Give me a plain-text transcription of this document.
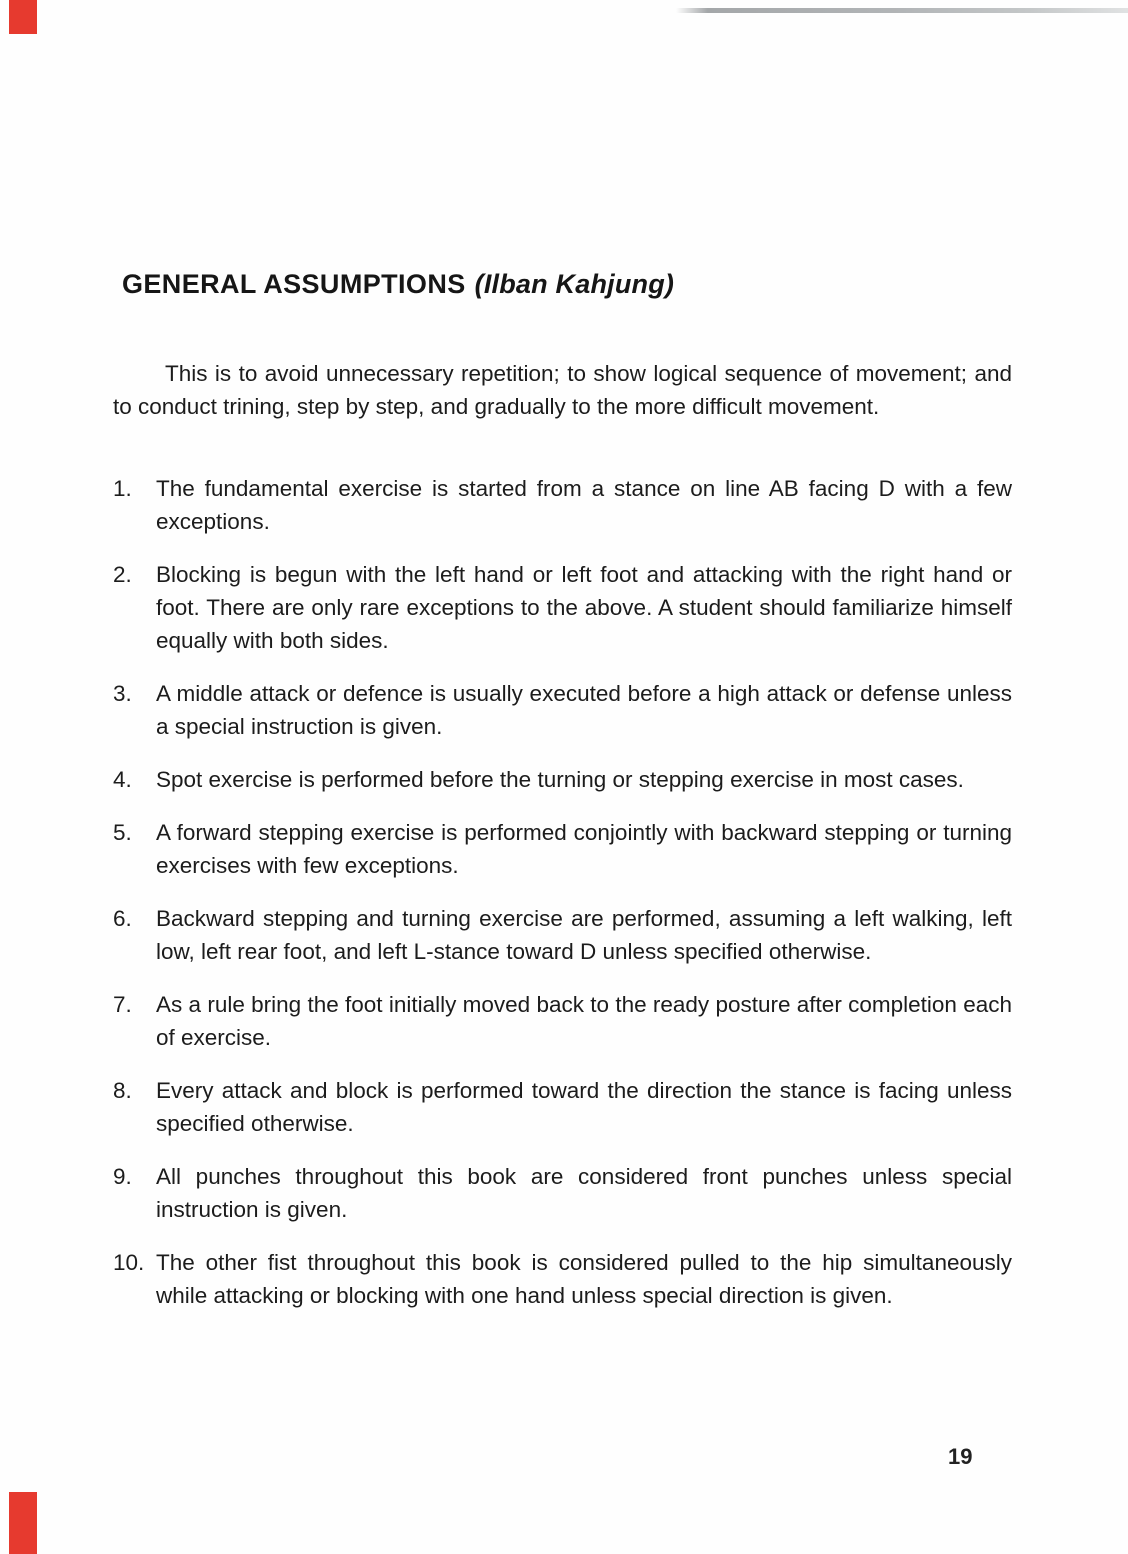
GENERAL ASSUMPTIONS (Ilban Kahjung)

This is to avoid unnecessary repetition; to show logical sequence of movement; and to conduct trining, step by step, and gradually to the more difficult movement.

1.	The fundamental exercise is started from a stance on line AB facing D with a few exceptions.
2.	Blocking is begun with the left hand or left foot and attacking with the right hand or foot. There are only rare exceptions to the above. A student should familiarize himself equally with both sides.
3.	A middle attack or defence is usually executed before a high attack or defense unless a special instruction is given.
4.	Spot exercise is performed before the turning or stepping exercise in most cases.
5.	A forward stepping exercise is performed conjointly with backward stepping or turning exercises with few exceptions.
6.	Backward stepping and turning exercise are performed, assuming a left walking, left low, left rear foot, and left L-stance toward D unless specified otherwise.
7.	As a rule bring the foot initially moved back to the ready posture after completion each of exercise.
8.	Every attack and block is performed toward the direction the stance is facing unless specified otherwise.
9.	All punches throughout this book are considered front punches unless special instruction is given.
10. The other fist throughout this book is considered pulled to the hip simultaneously while attacking or blocking with one hand unless special direction is given.
19
